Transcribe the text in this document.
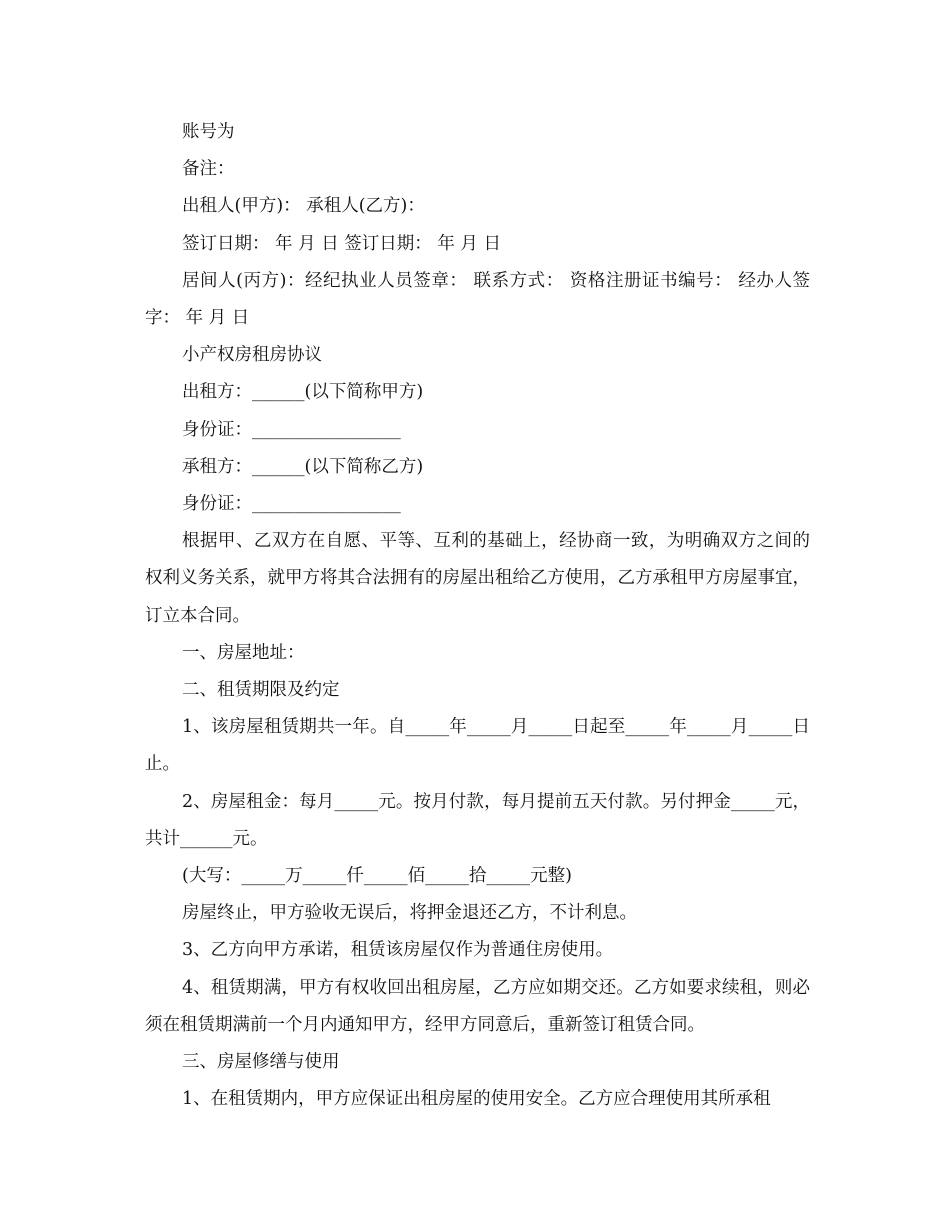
账号为

备注：

出租人(甲方)： 承租人(乙方)：

签订日期： 年 月 日 签订日期： 年 月 日

居间人(丙方)：经纪执业人员签章： 联系方式： 资格注册证书编号： 经办人签字： 年 月 日

小产权房租房协议

出租方：______(以下简称甲方)

身份证：_________________

承租方：______(以下简称乙方)

身份证：_________________

根据甲、乙双方在自愿、平等、互利的基础上，经协商一致，为明确双方之间的权利义务关系，就甲方将其合法拥有的房屋出租给乙方使用，乙方承租甲方房屋事宜，订立本合同。

一、房屋地址：

二、租赁期限及约定

1、该房屋租赁期共一年。自_____年_____月_____日起至_____年_____月_____日止。

2、房屋租金：每月_____元。按月付款，每月提前五天付款。另付押金_____元，共计______元。

(大写：_____万_____仟_____佰_____拾_____元整)

房屋终止，甲方验收无误后，将押金退还乙方，不计利息。

3、乙方向甲方承诺，租赁该房屋仅作为普通住房使用。

4、租赁期满，甲方有权收回出租房屋，乙方应如期交还。乙方如要求续租，则必须在租赁期满前一个月内通知甲方，经甲方同意后，重新签订租赁合同。

三、房屋修缮与使用

1、在租赁期内，甲方应保证出租房屋的使用安全。乙方应合理使用其所承租
